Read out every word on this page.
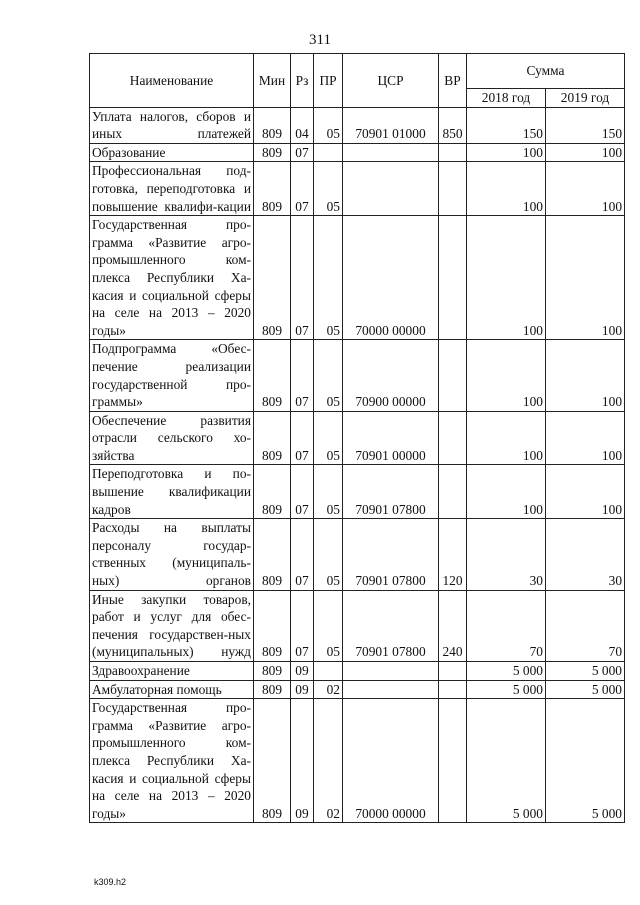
311
Наименование	Мин	Рз	ПР	ЦСР	ВР	Сумма	
						2018 год	2019 год
Уплата налогов, сборов и иных платежей	809	04	05	70901 01000	850	150	150
Образование	809	07				100	100
Профессиональная под-готовка, переподготовка и повышение квалифи-кации	809	07	05			100	100
Государственная про-грамма «Развитие агро-промышленного ком-плекса Республики Ха-касия и социальной сферы на селе на 2013 – 2020 годы»	809	07	05	70000 00000		100	100
Подпрограмма «Обес-печение реализации государственной про-граммы»	809	07	05	70900 00000		100	100
Обеспечение развития отрасли сельского хо-зяйства	809	07	05	70901 00000		100	100
Переподготовка и по-вышение квалификации кадров	809	07	05	70901 07800		100	100
Расходы на выплаты персоналу государ-ственных (муниципаль-ных) органов	809	07	05	70901 07800	120	30	30
Иные закупки товаров, работ и услуг для обес-печения государствен-ных (муниципальных) нужд	809	07	05	70901 07800	240	70	70
Здравоохранение	809	09				5 000	5 000
Амбулаторная помощь	809	09	02			5 000	5 000
Государственная про-грамма «Развитие агро-промышленного ком-плекса Республики Ха-касия и социальной сферы на селе на 2013 – 2020 годы»	809	09	02	70000 00000		5 000	5 000
k309.h2
